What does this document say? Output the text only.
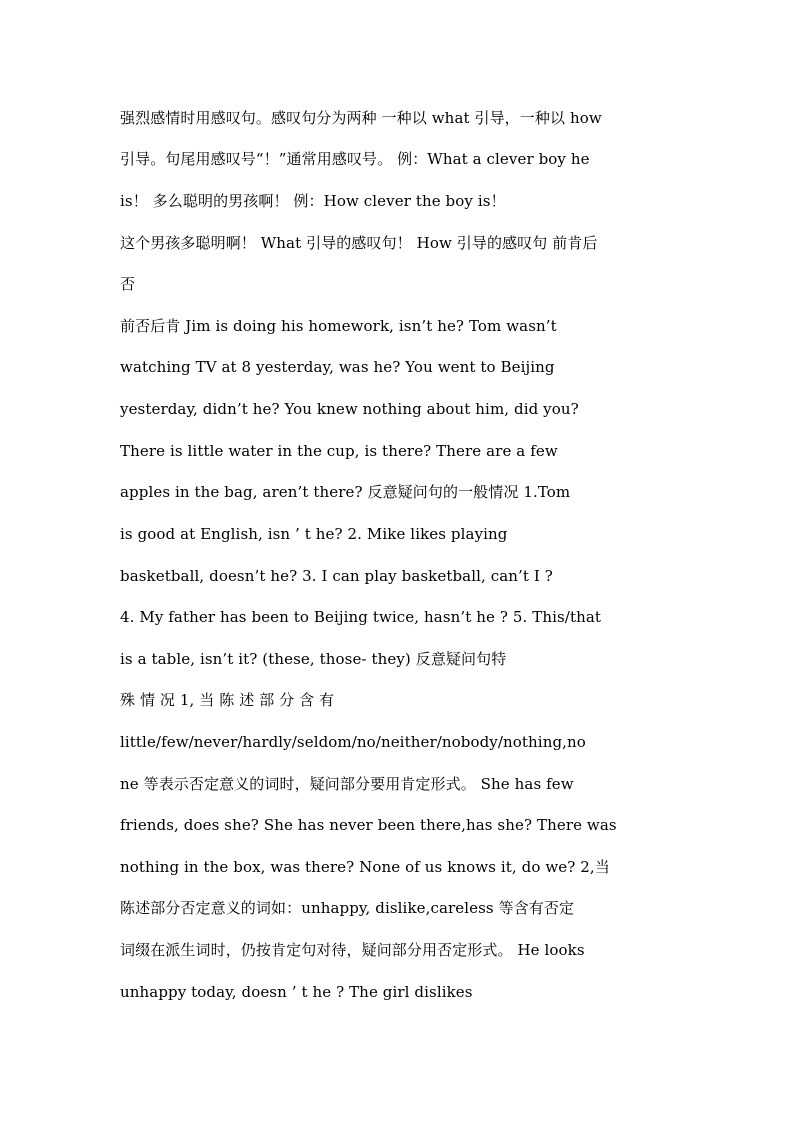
强烈感情时用感叹句。感叹句分为两种 一种以 what 引导，一种以 how
引导。句尾用感叹号“！”通常用感叹号。 例：What a clever boy he
is！ 多么聪明的男孩啊！ 例：How clever the boy is！
这个男孩多聪明啊！ What 引导的感叹句！ How 引导的感叹句 前肯后
否
前否后肯 Jim is doing his homework, isn’t he? Tom wasn’t
watching TV at 8 yesterday, was he? You went to Beijing
yesterday, didn’t he? You knew nothing about him, did you?
There is little water in the cup, is there? There are a few
apples in the bag, aren’t there? 反意疑问句的一般情况 1.Tom
is good at English, isn ’ t he? 2. Mike likes playing
basketball, doesn’t he? 3. I can play basketball, can’t I ?
4. My father has been to Beijing twice, hasn’t he ? 5. This/that
is a table, isn’t it? (these, those- they) 反意疑问句特
殊 情 况 1, 当 陈 述 部 分 含 有
little/few/never/hardly/seldom/no/neither/nobody/nothing,no
ne 等表示否定意义的词时，疑问部分要用肯定形式。 She has few
friends, does she? She has never been there,has she? There was
nothing in the box, was there? None of us knows it, do we? 2,当
陈述部分否定意义的词如：unhappy, dislike,careless 等含有否定
词缀在派生词时，仍按肯定句对待，疑问部分用否定形式。 He looks
unhappy today, doesn ’ t he ? The girl dislikes
